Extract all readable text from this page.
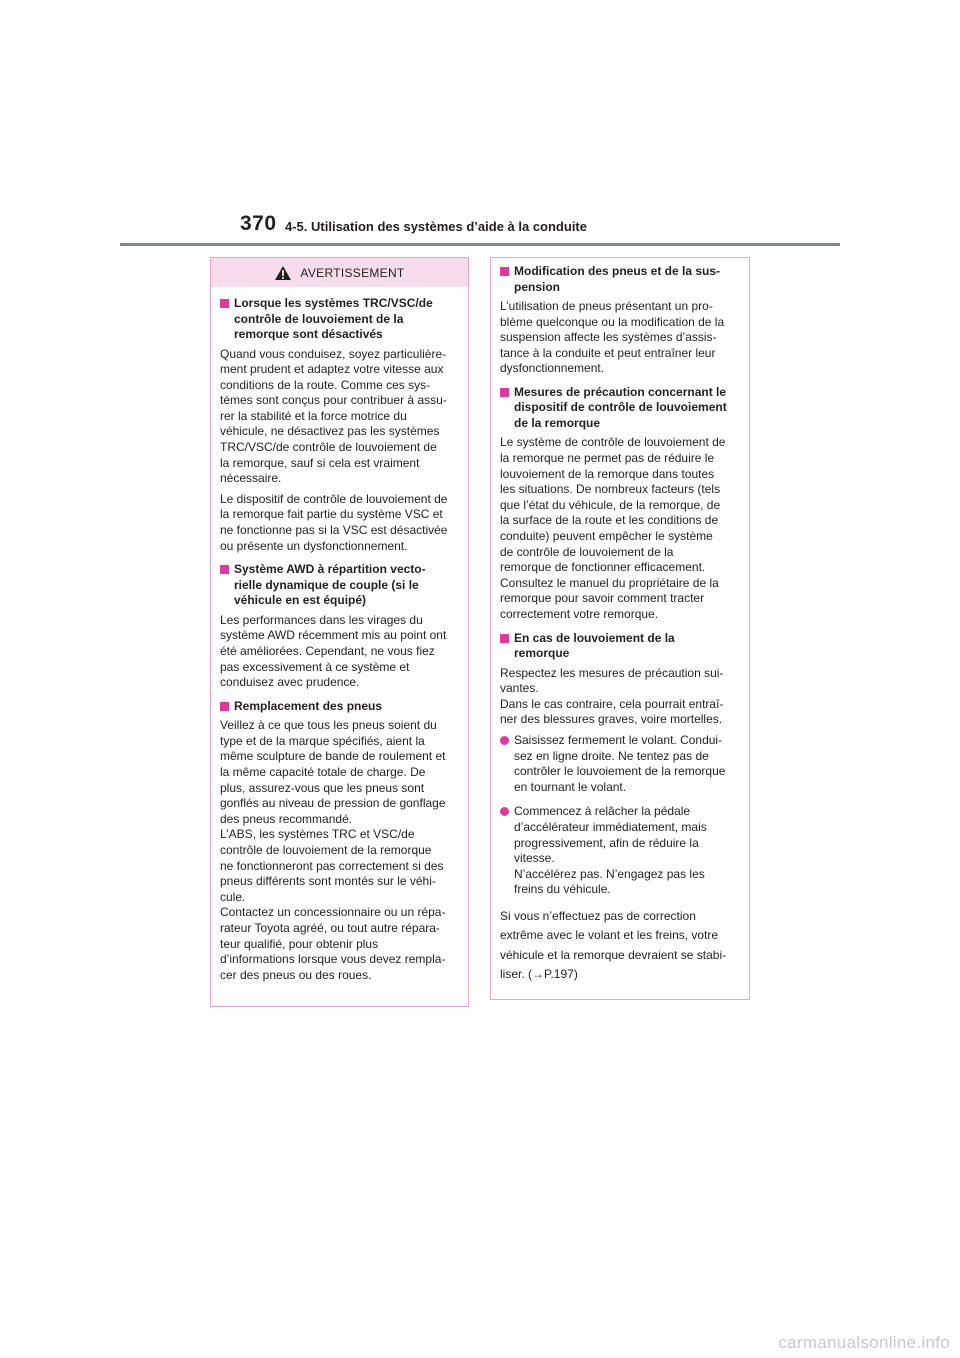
370 4-5. Utilisation des systèmes d’aide à la conduite
AVERTISSEMENT
Lorsque les systèmes TRC/VSC/de
contrôle de louvoiement de la
remorque sont désactivés

Quand vous conduisez, soyez particulière-
ment prudent et adaptez votre vitesse aux
conditions de la route. Comme ces sys-
tèmes sont conçus pour contribuer à assu-
rer la stabilité et la force motrice du
véhicule, ne désactivez pas les systèmes
TRC/VSC/de contrôle de louvoiement de
la remorque, sauf si cela est vraiment
nécessaire.

Le dispositif de contrôle de louvoiement de
la remorque fait partie du système VSC et
ne fonctionne pas si la VSC est désactivée
ou présente un dysfonctionnement.

Système AWD à répartition vecto-
rielle dynamique de couple (si le
véhicule en est équipé)

Les performances dans les virages du
système AWD récemment mis au point ont
été améliorées. Cependant, ne vous fiez
pas excessivement à ce système et
conduisez avec prudence.

Remplacement des pneus

Veillez à ce que tous les pneus soient du
type et de la marque spécifiés, aient la
même sculpture de bande de roulement et
la même capacité totale de charge. De
plus, assurez-vous que les pneus sont
gonflés au niveau de pression de gonflage
des pneus recommandé.
L’ABS, les systèmes TRC et VSC/de
contrôle de louvoiement de la remorque
ne fonctionneront pas correctement si des
pneus différents sont montés sur le véhi-
cule.
Contactez un concessionnaire ou un répa-
rateur Toyota agréé, ou tout autre répara-
teur qualifié, pour obtenir plus
d’informations lorsque vous devez rempla-
cer des pneus ou des roues.

Modification des pneus et de la sus-
pension

L’utilisation de pneus présentant un pro-
blème quelconque ou la modification de la
suspension affecte les systèmes d’assis-
tance à la conduite et peut entraîner leur
dysfonctionnement.

Mesures de précaution concernant le
dispositif de contrôle de louvoiement
de la remorque

Le système de contrôle de louvoiement de
la remorque ne permet pas de réduire le
louvoiement de la remorque dans toutes
les situations. De nombreux facteurs (tels
que l’état du véhicule, de la remorque, de
la surface de la route et les conditions de
conduite) peuvent empêcher le système
de contrôle de louvoiement de la
remorque de fonctionner efficacement.
Consultez le manuel du propriétaire de la
remorque pour savoir comment tracter
correctement votre remorque.

En cas de louvoiement de la
remorque

Respectez les mesures de précaution sui-
vantes.
Dans le cas contraire, cela pourrait entraî-
ner des blessures graves, voire mortelles.

Saisissez fermement le volant. Condui-
sez en ligne droite. Ne tentez pas de
contrôler le louvoiement de la remorque
en tournant le volant.
Commencez à relâcher la pédale
d’accélérateur immédiatement, mais
progressivement, afin de réduire la
vitesse.
N’accélérez pas. N’engagez pas les
freins du véhicule.

Si vous n’effectuez pas de correction
extrême avec le volant et les freins, votre
véhicule et la remorque devraient se stabi-
liser. (→P.197)

carmanualsonline.info
